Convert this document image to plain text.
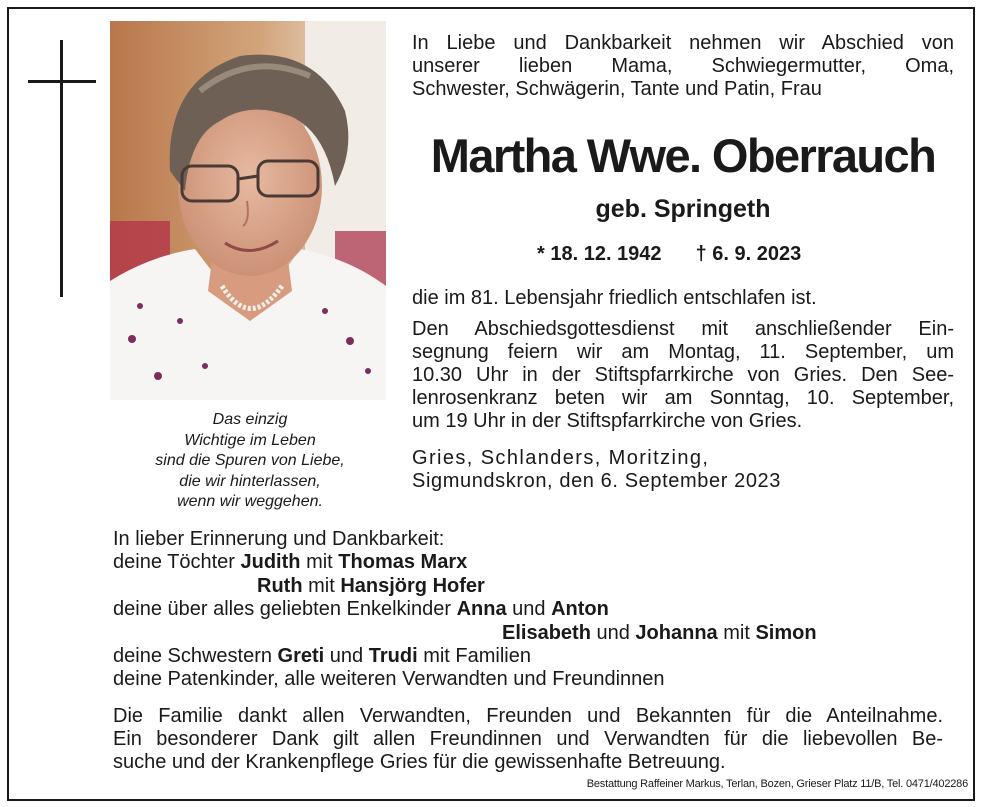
Das einzig
Wichtige im Leben
sind die Spuren von Liebe,
die wir hinterlassen,
wenn wir weggehen.
In Liebe und Dankbarkeit nehmen wir Abschied von
unserer lieben Mama, Schwiegermutter, Oma,
Schwester, Schwägerin, Tante und Patin, Frau
Martha Wwe. Oberrauch
geb. Springeth
* 18. 12. 1942 † 6. 9. 2023
die im 81. Lebensjahr friedlich entschlafen ist.
Den Abschiedsgottesdienst mit anschließender Ein-
segnung feiern wir am Montag, 11. September, um
10.30 Uhr in der Stiftspfarrkirche von Gries. Den See-
lenrosenkranz beten wir am Sonntag, 10. September,
um 19 Uhr in der Stiftspfarrkirche von Gries.
Gries, Schlanders, Moritzing,
Sigmundskron, den 6. September 2023
In lieber Erinnerung und Dankbarkeit:
deine Töchter Judith mit Thomas Marx
Ruth mit Hansjörg Hofer
deine über alles geliebten Enkelkinder Anna und Anton
Elisabeth und Johanna mit Simon
deine Schwestern Greti und Trudi mit Familien
deine Patenkinder, alle weiteren Verwandten und Freundinnen
Die Familie dankt allen Verwandten, Freunden und Bekannten für die Anteilnahme.
Ein besonderer Dank gilt allen Freundinnen und Verwandten für die liebevollen Be-
suche und der Krankenpflege Gries für die gewissenhafte Betreuung.
Bestattung Raffeiner Markus, Terlan, Bozen, Grieser Platz 11/B, Tel. 0471/402286
